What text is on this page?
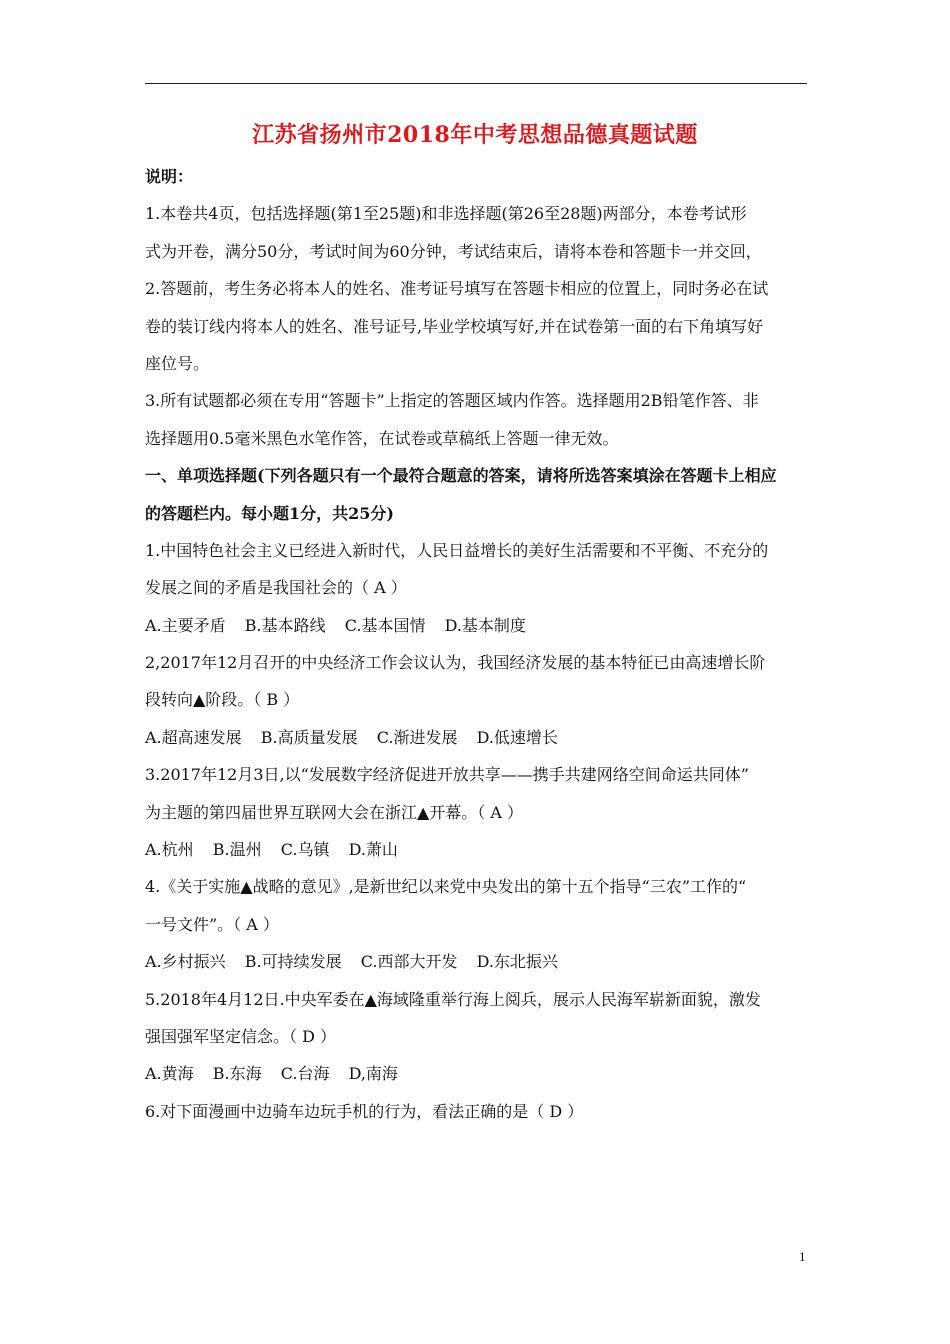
江苏省扬州市2018年中考思想品德真题试题
说明：
1.本卷共4页，包括选择题(第1至25题)和非选择题(第26至28题)两部分，本卷考试形
式为开卷，满分50分，考试时间为60分钟，考试结束后，请将本卷和答题卡一并交回，
2.答题前，考生务必将本人的姓名、准考证号填写在答题卡相应的位置上，同时务必在试
卷的装订线内将本人的姓名、准号证号,毕业学校填写好,并在试卷第一面的右下角填写好
座位号。
3.所有试题都必须在专用“答题卡”上指定的答题区域内作答。选择题用2B铅笔作答、非
选择题用0.5毫米黑色水笔作答，在试卷或草稿纸上答题一律无效。
一、单项选择题(下列各题只有一个最符合题意的答案，请将所选答案填涂在答题卡上相应
的答题栏内。每小题1分，共25分)
1.中国特色社会主义已经进入新时代，人民日益增长的美好生活需要和不平衡、不充分的
发展之间的矛盾是我国社会的（ A ）
A.主要矛盾 B.基本路线 C.基本国情 D.基本制度
2,2017年12月召开的中央经济工作会议认为，我国经济发展的基本特征已由高速增长阶
段转向▲阶段。（ B ）
A.超高速发展 B.高质量发展 C.渐进发展 D.低速增长
3.2017年12月3日,以“发展数字经济促进开放共享——携手共建网络空间命运共同体”
为主题的第四届世界互联网大会在浙江▲开幕。（ A ）
A.杭州 B.温州 C.乌镇 D.萧山
4.《关于实施▲战略的意见》,是新世纪以来党中央发出的第十五个指导“三农”工作的“
一号文件”。（ A ）
A.乡村振兴 B.可持续发展 C.西部大开发 D.东北振兴
5.2018年4月12日.中央军委在▲海域隆重举行海上阅兵，展示人民海军崭新面貌，激发
强国强军坚定信念。（ D ）
A.黄海 B.东海 C.台海 D,南海
6.对下面漫画中边骑车边玩手机的行为，看法正确的是（ D ）
1
